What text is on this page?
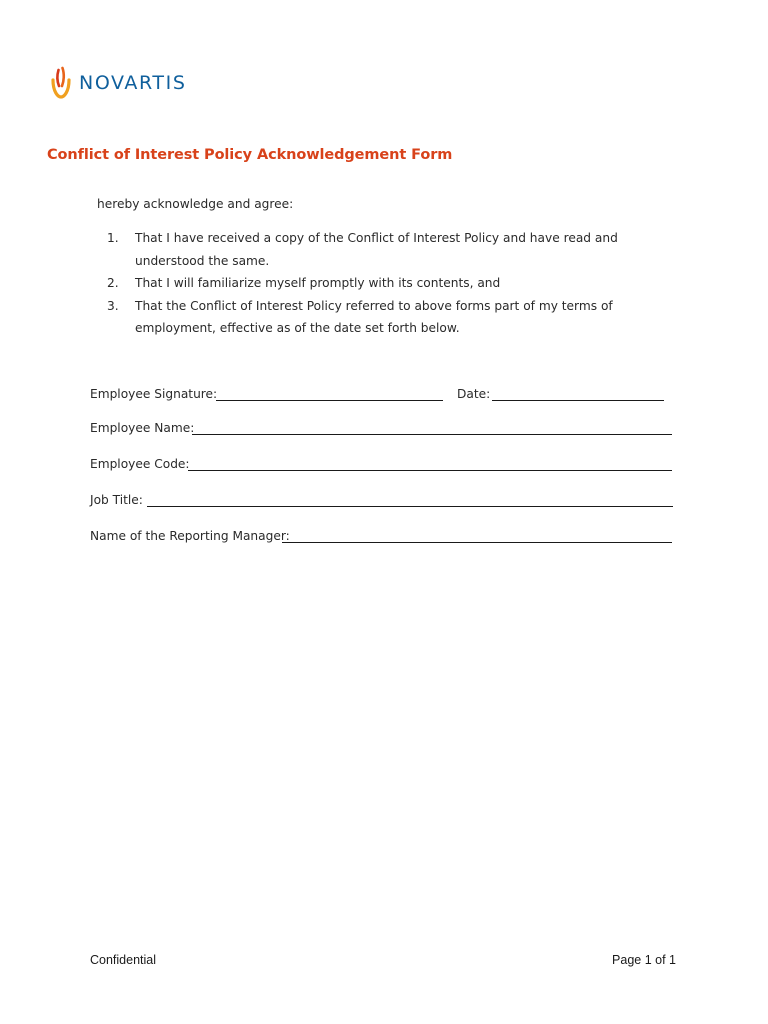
NOVARTIS
Conflict of Interest Policy Acknowledgement Form
hereby acknowledge and agree:
1. That I have received a copy of the Conflict of Interest Policy and have read and understood the same.
2. That I will familiarize myself promptly with its contents, and
3. That the Conflict of Interest Policy referred to above forms part of my terms of employment, effective as of the date set forth below.
Employee Signature:	Date:
Employee Name:
Employee Code:
Job Title:
Name of the Reporting Manager:
Confidential	Page 1 of 1
